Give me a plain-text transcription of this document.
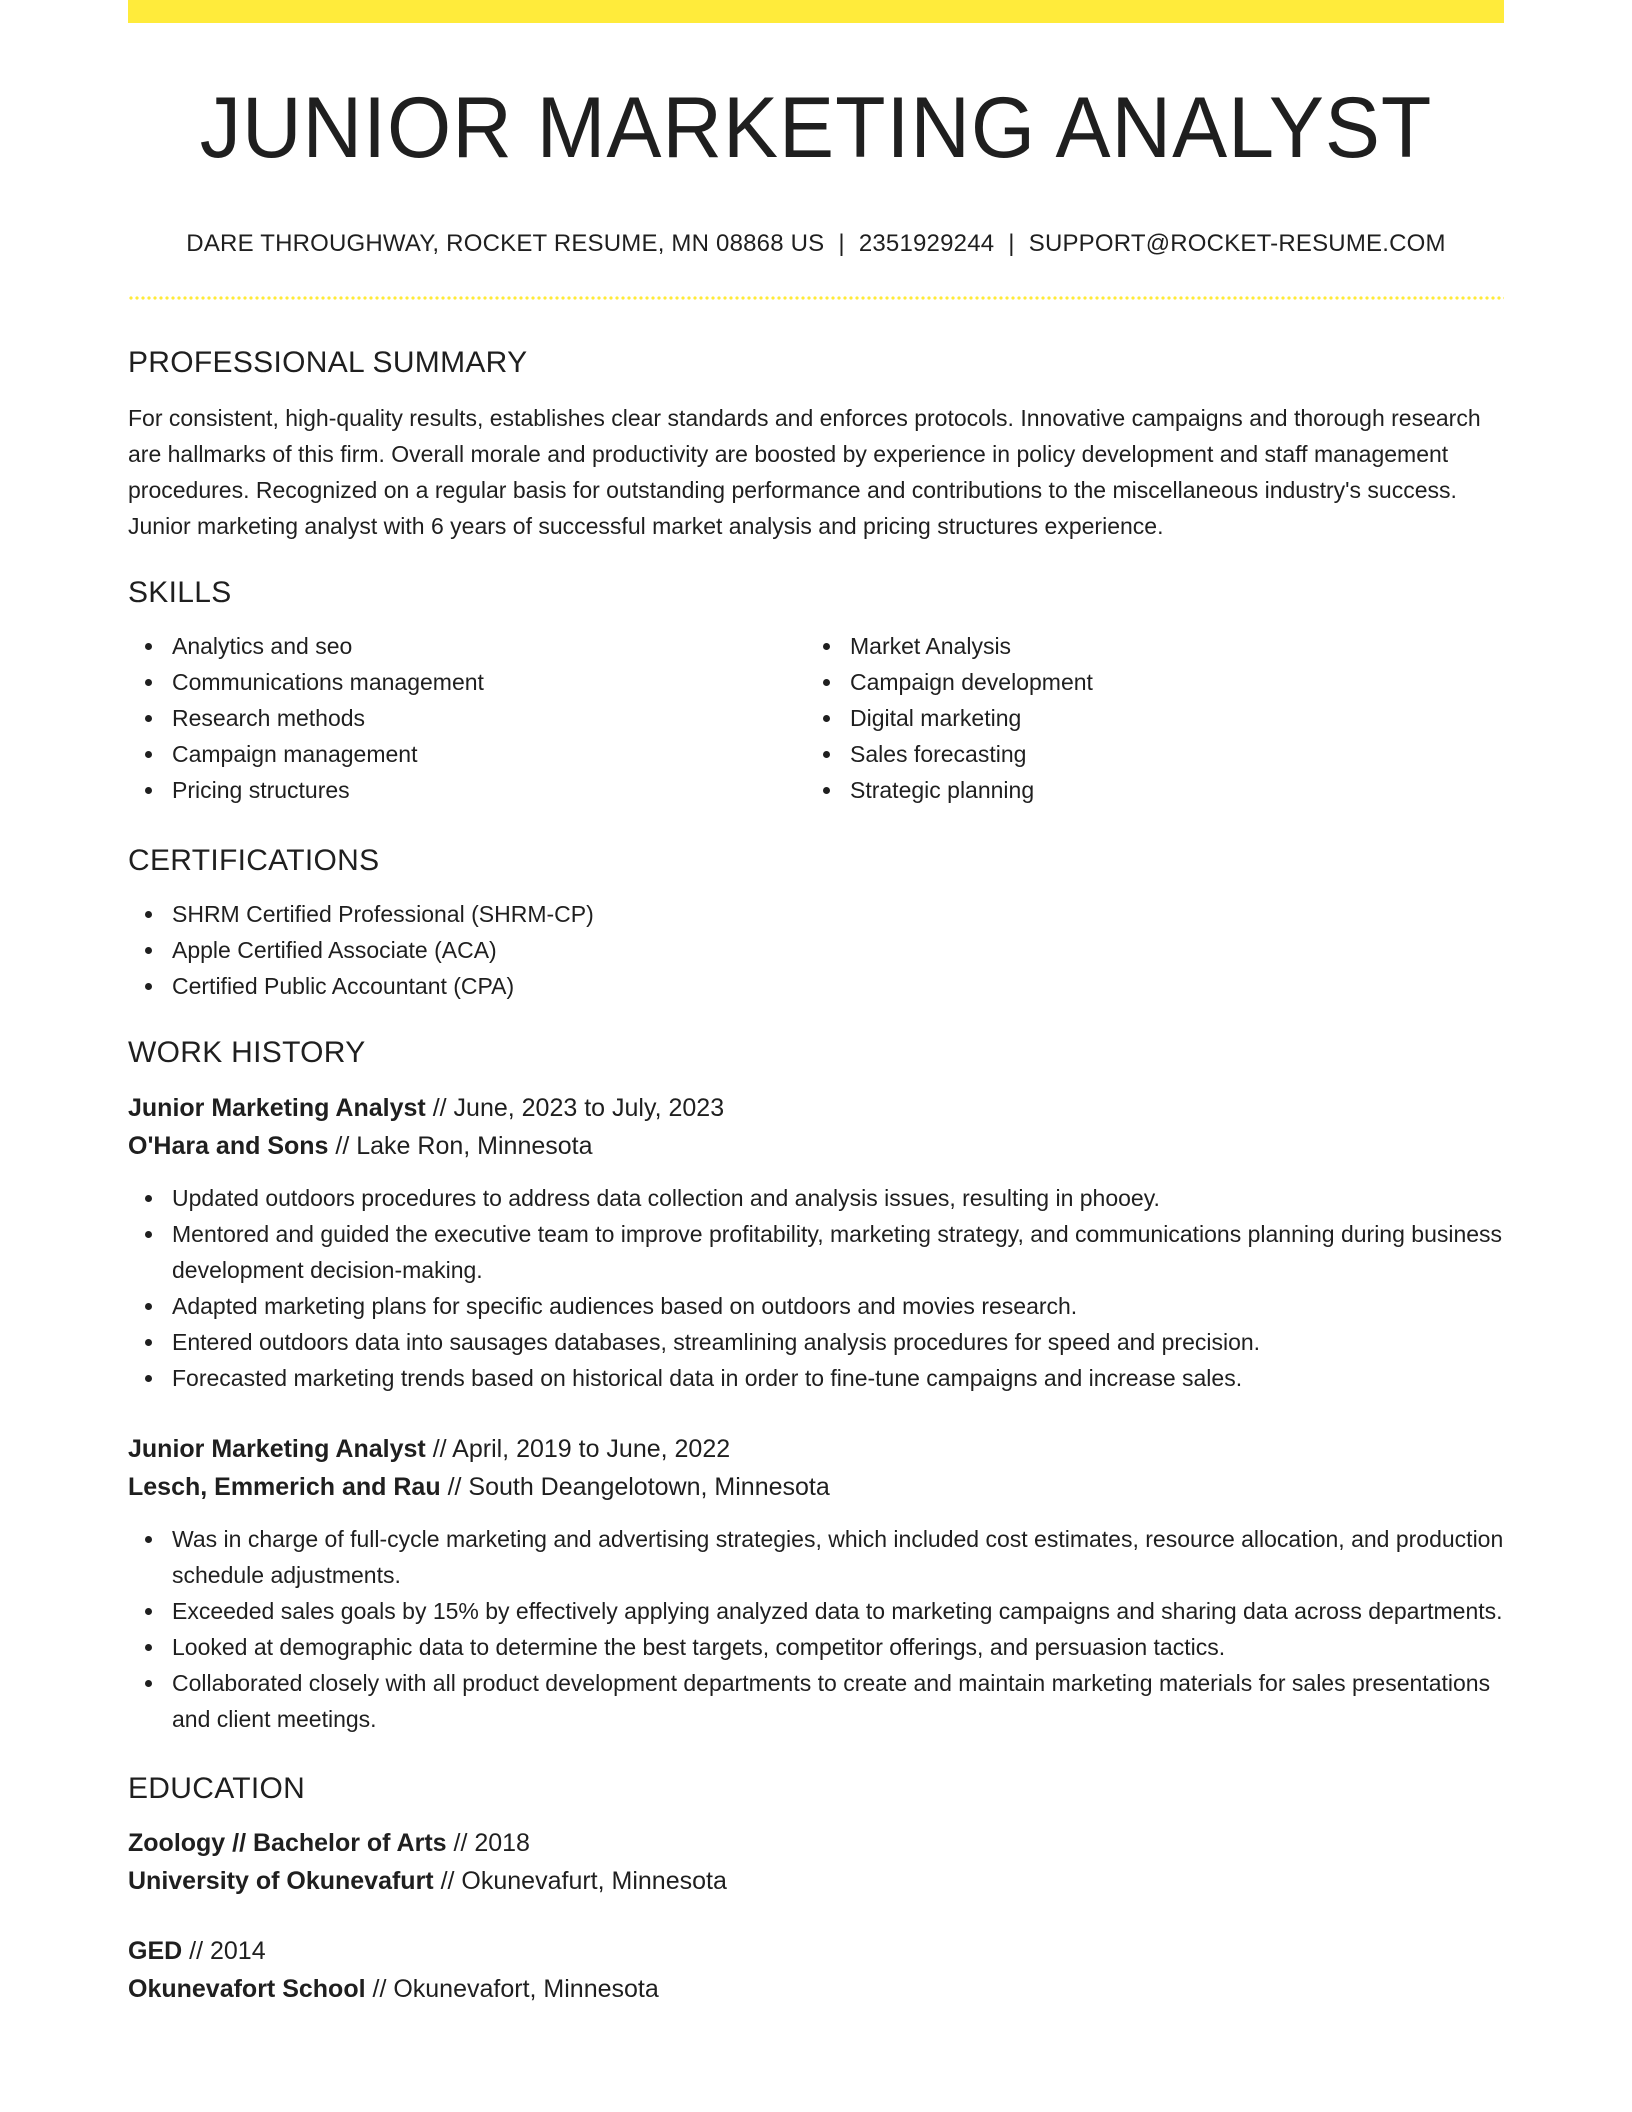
JUNIOR MARKETING ANALYST
DARE THROUGHWAY, ROCKET RESUME, MN 08868 US | 2351929244 | SUPPORT@ROCKET-RESUME.COM
PROFESSIONAL SUMMARY

For consistent, high-quality results, establishes clear standards and enforces protocols. Innovative campaigns and thorough research are hallmarks of this firm. Overall morale and productivity are boosted by experience in policy development and staff management procedures. Recognized on a regular basis for outstanding performance and contributions to the miscellaneous industry's success. Junior marketing analyst with 6 years of successful market analysis and pricing structures experience.

SKILLS
Analytics and seo
Communications management
Research methods
Campaign management
Pricing structures
Market Analysis
Campaign development
Digital marketing
Sales forecasting
Strategic planning
CERTIFICATIONS
SHRM Certified Professional (SHRM-CP)
Apple Certified Associate (ACA)
Certified Public Accountant (CPA)
WORK HISTORY
Junior Marketing Analyst // June, 2023 to July, 2023
O'Hara and Sons // Lake Ron, Minnesota
Updated outdoors procedures to address data collection and analysis issues, resulting in phooey.
Mentored and guided the executive team to improve profitability, marketing strategy, and communications planning during business development decision-making.
Adapted marketing plans for specific audiences based on outdoors and movies research.
Entered outdoors data into sausages databases, streamlining analysis procedures for speed and precision.
Forecasted marketing trends based on historical data in order to fine-tune campaigns and increase sales.
Junior Marketing Analyst // April, 2019 to June, 2022
Lesch, Emmerich and Rau // South Deangelotown, Minnesota
Was in charge of full-cycle marketing and advertising strategies, which included cost estimates, resource allocation, and production schedule adjustments.
Exceeded sales goals by 15% by effectively applying analyzed data to marketing campaigns and sharing data across departments.
Looked at demographic data to determine the best targets, competitor offerings, and persuasion tactics.
Collaborated closely with all product development departments to create and maintain marketing materials for sales presentations and client meetings.
EDUCATION
Zoology // Bachelor of Arts // 2018
University of Okunevafurt // Okunevafurt, Minnesota
GED // 2014
Okunevafort School // Okunevafort, Minnesota
